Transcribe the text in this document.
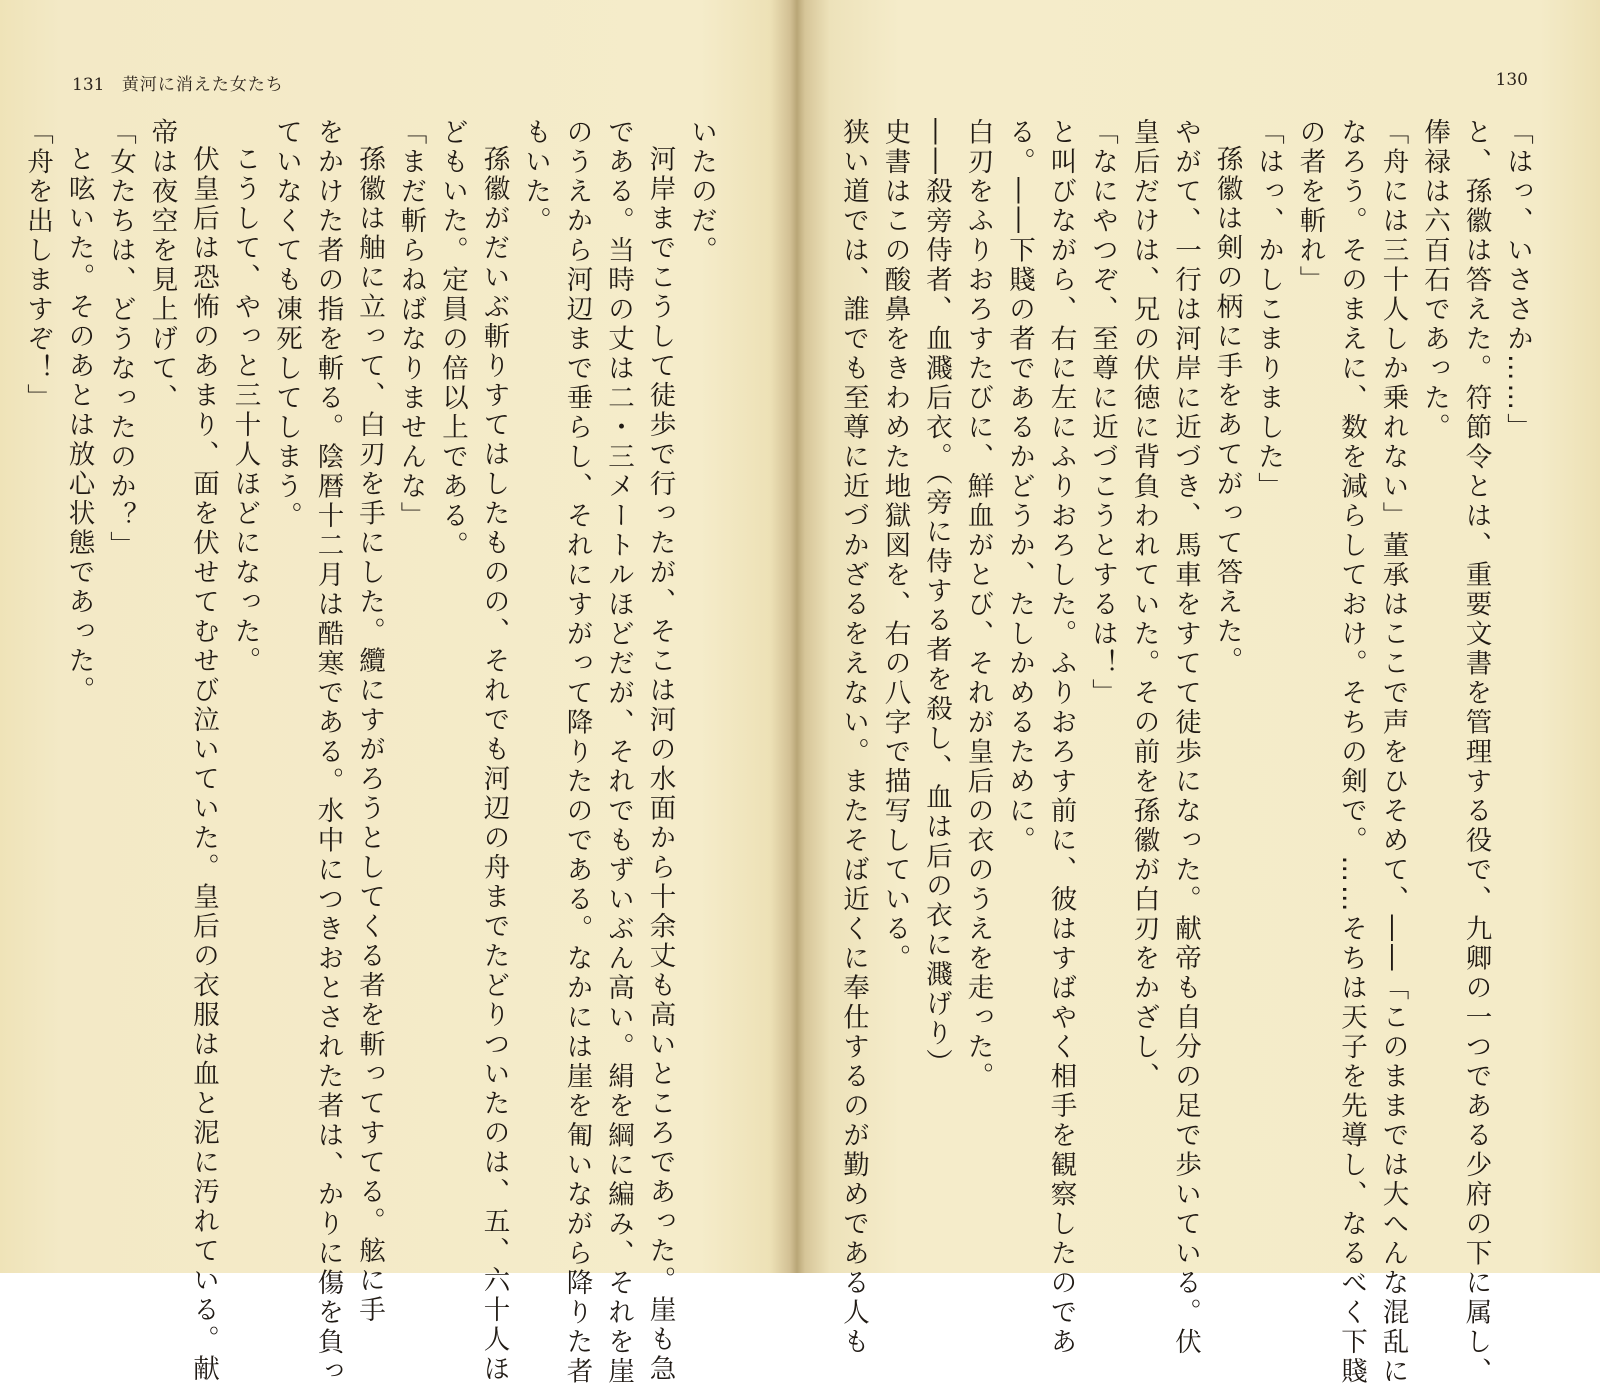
131 黄河に消えた女たち
いたのだ。
河岸までこうして徒歩で行ったが、そこは河の水面から十余丈も高いところであった。崖も急
である。当時の丈は二・三メートルほどだが、それでもずいぶん高い。絹を綱に編み、それを崖
のうえから河辺まで垂らし、それにすがって降りたのである。なかには崖を匍いながら降りた者
もいた。
孫徽がだいぶ斬りすてはしたものの、それでも河辺の舟までたどりついたのは、五、六十人ほ
どもいた。定員の倍以上である。
「まだ斬らねばなりませんな」
孫徽は舳に立って、白刃を手にした。纜にすがろうとしてくる者を斬ってすてる。舷に手
をかけた者の指を斬る。陰暦十二月は酷寒である。水中につきおとされた者は、かりに傷を負っ
ていなくても凍死してしまう。
こうして、やっと三十人ほどになった。
伏皇后は恐怖のあまり、面を伏せてむせび泣いていた。皇后の衣服は血と泥に汚れている。献
帝は夜空を見上げて、
「女たちは、どうなったのか？」
と呟いた。そのあとは放心状態であった。
「舟を出しますぞ！」
130
「はっ、いささか……」
と、孫徽は答えた。符節令とは、重要文書を管理する役で、九卿の一つである少府の下に属し、
俸禄は六百石であった。
「舟には三十人しか乗れない」董承はここで声をひそめて、――「このままでは大へんな混乱に
なろう。そのまえに、数を減らしておけ。そちの剣で。……そちは天子を先導し、なるべく下賤
の者を斬れ」
「はっ、かしこまりました」
孫徽は剣の柄に手をあてがって答えた。
やがて、一行は河岸に近づき、馬車をすてて徒歩になった。献帝も自分の足で歩いている。伏
皇后だけは、兄の伏徳に背負われていた。その前を孫徽が白刃をかざし、
「なにやつぞ、至尊に近づこうとするは！」
と叫びながら、右に左にふりおろした。ふりおろす前に、彼はすばやく相手を観察したのであ
る。――下賤の者であるかどうか、たしかめるために。
白刃をふりおろすたびに、鮮血がとび、それが皇后の衣のうえを走った。
――殺旁侍者、血濺后衣。（旁に侍する者を殺し、血は后の衣に濺げり）
史書はこの酸鼻をきわめた地獄図を、右の八字で描写している。
狭い道では、誰でも至尊に近づかざるをえない。またそば近くに奉仕するのが勤めである人も
